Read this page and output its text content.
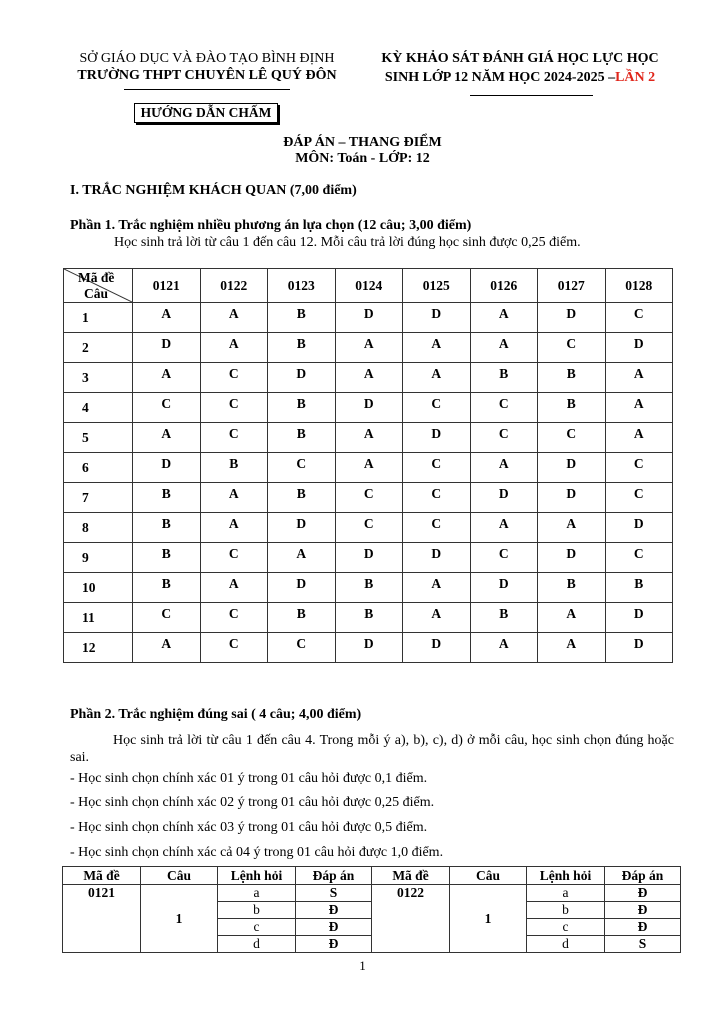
SỞ GIÁO DỤC VÀ ĐÀO TẠO BÌNH ĐỊNH
TRƯỜNG THPT CHUYÊN LÊ QUÝ ĐÔN
KỲ KHẢO SÁT ĐÁNH GIÁ HỌC LỰC HỌC
SINH LỚP 12 NĂM HỌC 2024-2025 –LẦN 2
HƯỚNG DẪN CHẤM
ĐÁP ÁN – THANG ĐIỂM
MÔN: Toán - LỚP: 12
I. TRẮC NGHIỆM KHÁCH QUAN (7,00 điểm)
Phần 1. Trắc nghiệm nhiều phương án lựa chọn (12 câu; 3,00 điểm)
Học sinh trả lời từ câu 1 đến câu 12. Mỗi câu trả lời đúng học sinh được 0,25 điểm.
Mã đề
Câu	0121	0122	0123	0124	0125	0126	0127	0128
1	A	A	B	D	D	A	D	C
2	D	A	B	A	A	A	C	D
3	A	C	D	A	A	B	B	A
4	C	C	B	D	C	C	B	A
5	A	C	B	A	D	C	C	A
6	D	B	C	A	C	A	D	C
7	B	A	B	C	C	D	D	C
8	B	A	D	C	C	A	A	D
9	B	C	A	D	D	C	D	C
10	B	A	D	B	A	D	B	B
11	C	C	B	B	A	B	A	D
12	A	C	C	D	D	A	A	D
Phần 2. Trắc nghiệm đúng sai ( 4 câu; 4,00 điểm)
Học sinh trả lời từ câu 1 đến câu 4. Trong mỗi ý a), b), c), d) ở mỗi câu, học sinh chọn đúng hoặc sai.
- Học sinh chọn chính xác 01 ý trong 01 câu hỏi được 0,1 điểm.
- Học sinh chọn chính xác 02 ý trong 01 câu hỏi được 0,25 điểm.
- Học sinh chọn chính xác 03 ý trong 01 câu hỏi được 0,5 điểm.
- Học sinh chọn chính xác cả 04 ý trong 01 câu hỏi được 1,0 điểm.
Mã đề	Câu	Lệnh hỏi	Đáp án	Mã đề	Câu	Lệnh hỏi	Đáp án
0121	1	a	S	0122	1	a	Đ
		b	Đ			b	Đ
		c	Đ			c	Đ
		d	Đ			d	S
1
